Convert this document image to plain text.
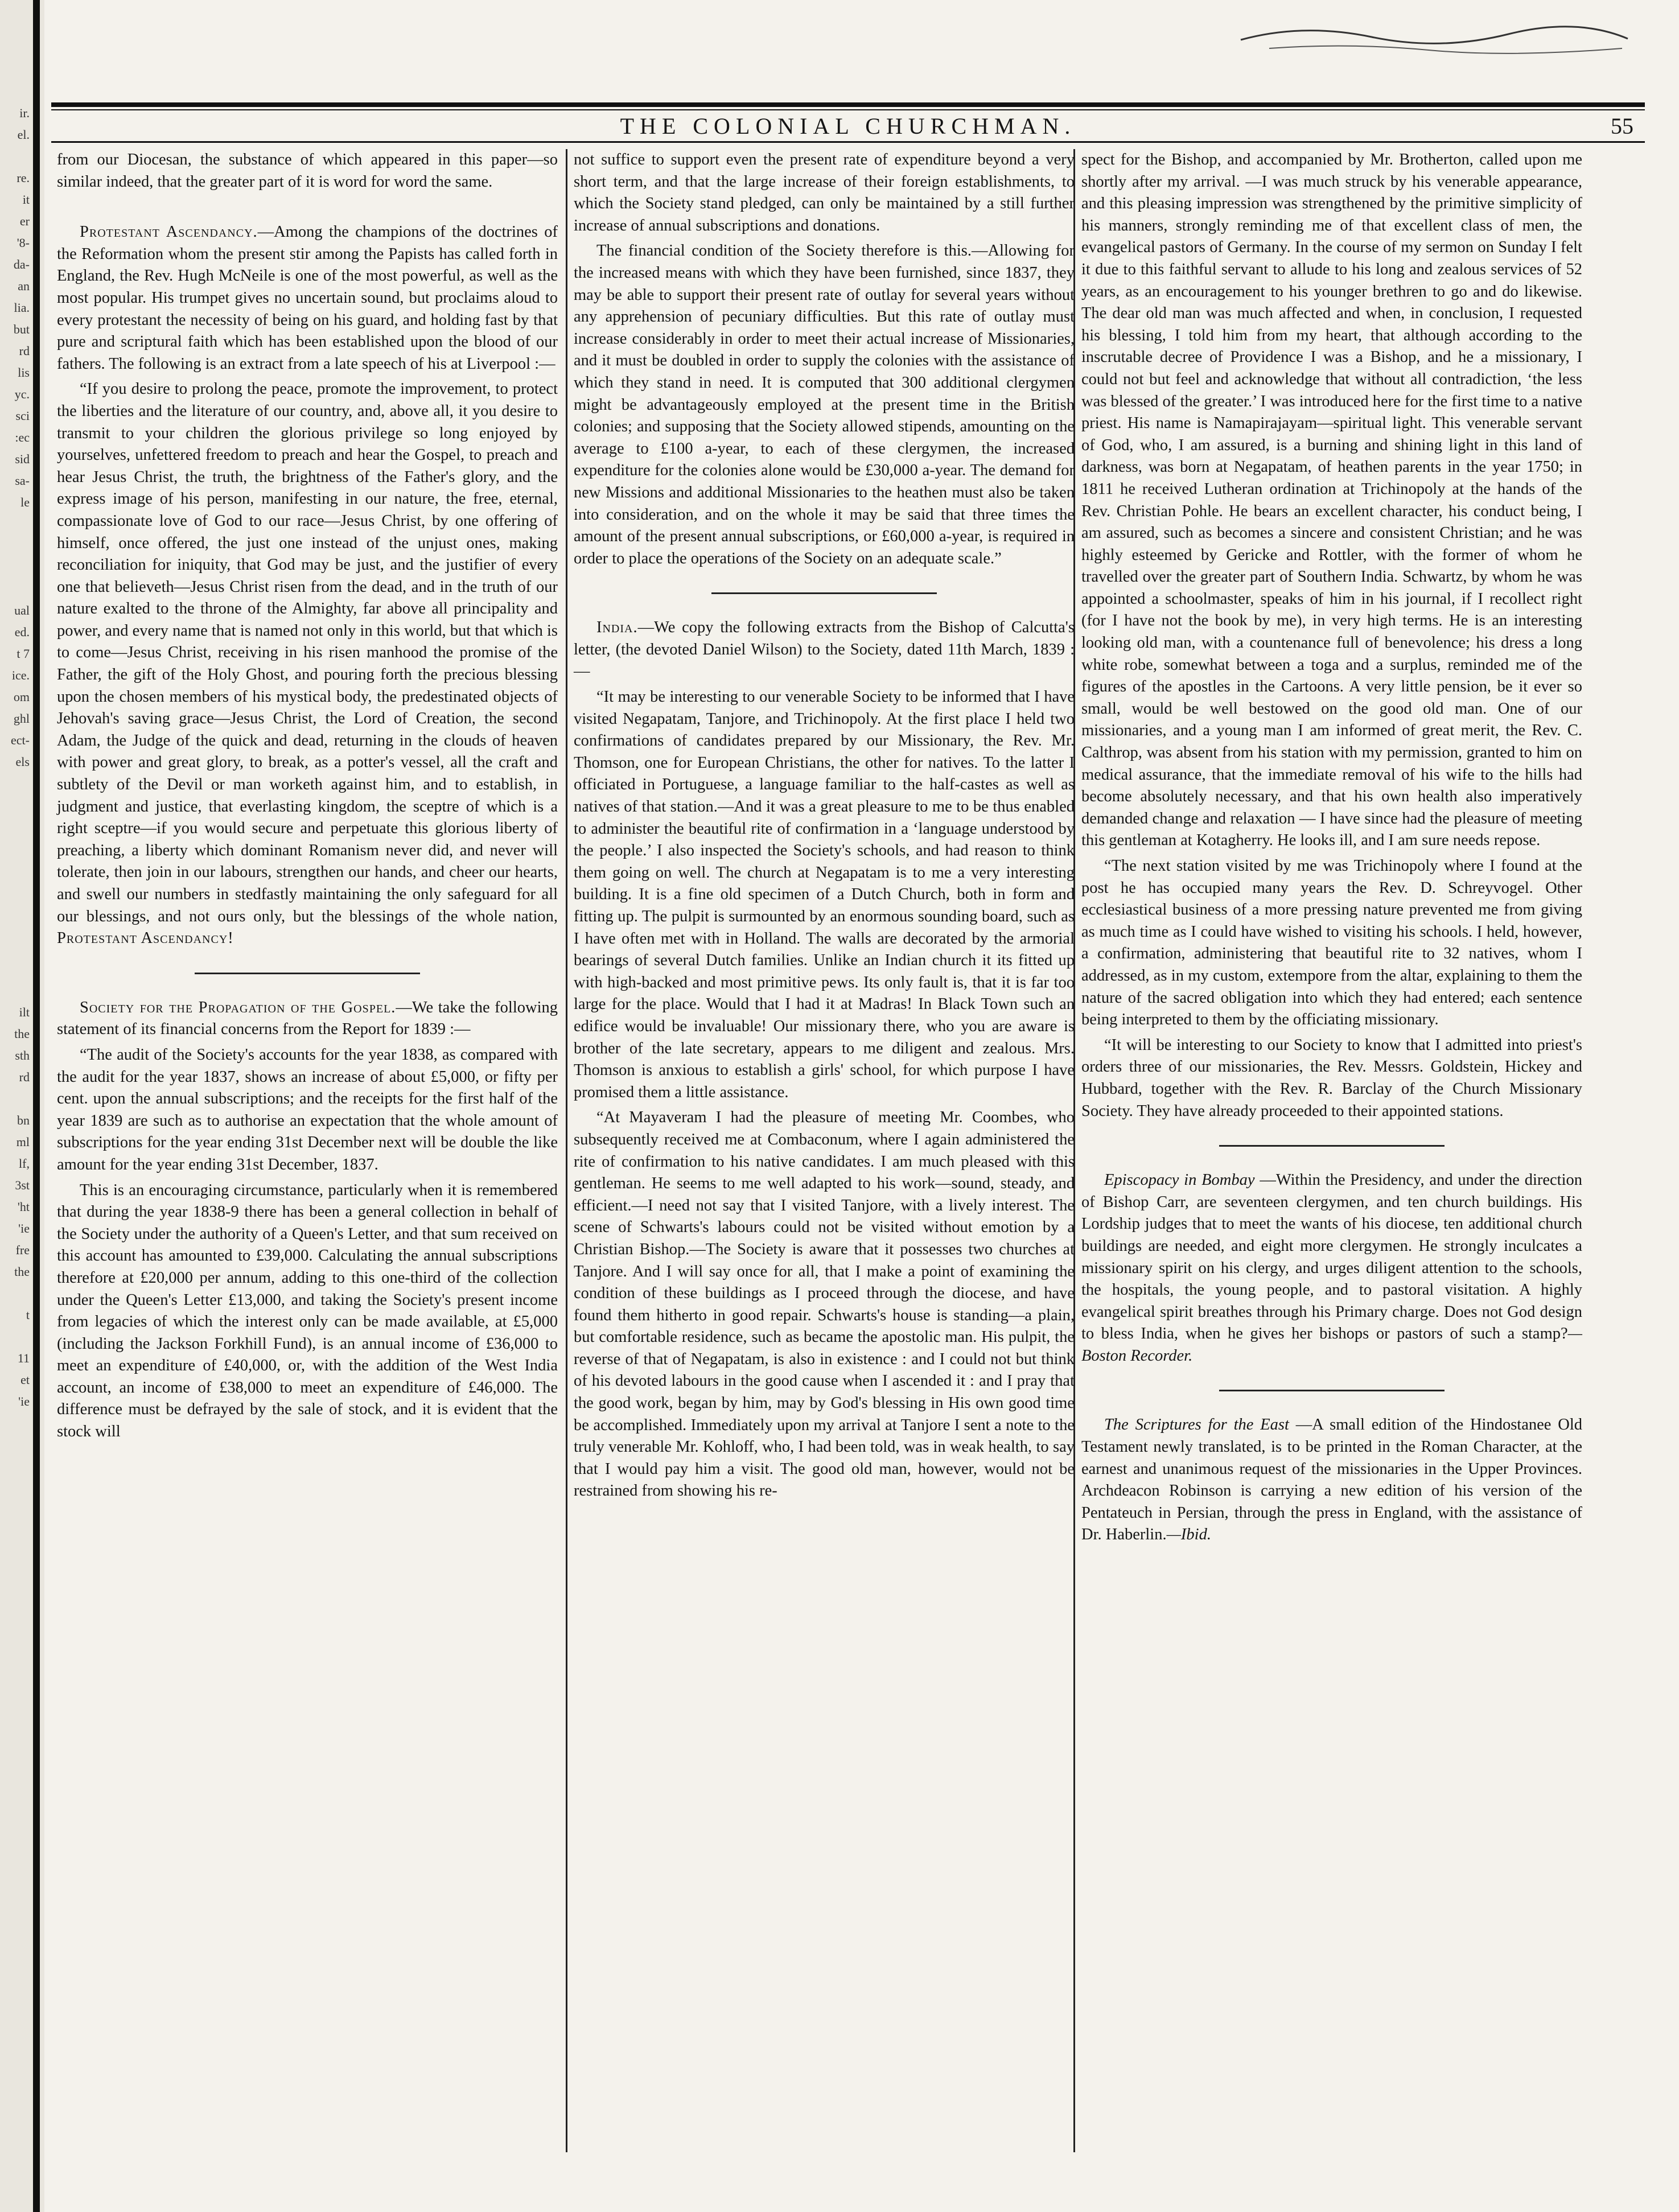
ir.
el.

re.
it
er
'8-
da-
an
lia.
but
rd
lis
yc.
sci
:ec
sid
sa-
le

ual
ed.
t 7
ice.
om
ghl
ect-
els
ilt
the
sth
rd

bn
ml
lf,
3st
'ht
'ie
fre
the

t

11
et
'ie
THE COLONIAL CHURCHMAN.	55

from our Diocesan, the substance of which appeared in this paper—so similar indeed, that the greater part of it is word for word the same.

Protestant Ascendancy.—Among the champions of the doctrines of the Reformation whom the present stir among the Papists has called forth in England, the Rev. Hugh McNeile is one of the most powerful, as well as the most popular. His trumpet gives no uncertain sound, but proclaims aloud to every protestant the necessity of being on his guard, and holding fast by that pure and scriptural faith which has been established upon the blood of our fathers. The following is an extract from a late speech of his at Liverpool :—

“If you desire to prolong the peace, promote the improvement, to protect the liberties and the literature of our country, and, above all, it you desire to transmit to your children the glorious privilege so long enjoyed by yourselves, unfettered freedom to preach and hear the Gospel, to preach and hear Jesus Christ, the truth, the brightness of the Father's glory, and the express image of his person, manifesting in our nature, the free, eternal, compassionate love of God to our race—Jesus Christ, by one offering of himself, once offered, the just one instead of the unjust ones, making reconciliation for iniquity, that God may be just, and the justifier of every one that believeth—Jesus Christ risen from the dead, and in the truth of our nature exalted to the throne of the Almighty, far above all principality and power, and every name that is named not only in this world, but that which is to come—Jesus Christ, receiving in his risen manhood the promise of the Father, the gift of the Holy Ghost, and pouring forth the precious blessing upon the chosen members of his mystical body, the predestinated objects of Jehovah's saving grace—Jesus Christ, the Lord of Creation, the second Adam, the Judge of the quick and dead, returning in the clouds of heaven with power and great glory, to break, as a potter's vessel, all the craft and subtlety of the Devil or man worketh against him, and to establish, in judgment and justice, that everlasting kingdom, the sceptre of which is a right sceptre—if you would secure and perpetuate this glorious liberty of preaching, a liberty which dominant Romanism never did, and never will tolerate, then join in our labours, strengthen our hands, and cheer our hearts, and swell our numbers in stedfastly maintaining the only safeguard for all our blessings, and not ours only, but the blessings of the whole nation, Protestant Ascendancy!

Society for the Propagation of the Gospel.—We take the following statement of its financial concerns from the Report for 1839 :—

“The audit of the Society's accounts for the year 1838, as compared with the audit for the year 1837, shows an increase of about £5,000, or fifty per cent. upon the annual subscriptions; and the receipts for the first half of the year 1839 are such as to authorise an expectation that the whole amount of subscriptions for the year ending 31st December next will be double the like amount for the year ending 31st December, 1837.

This is an encouraging circumstance, particularly when it is remembered that during the year 1838-9 there has been a general collection in behalf of the Society under the authority of a Queen's Letter, and that sum received on this account has amounted to £39,000. Calculating the annual subscriptions therefore at £20,000 per annum, adding to this one-third of the collection under the Queen's Letter £13,000, and taking the Society's present income from legacies of which the interest only can be made available, at £5,000 (including the Jackson Forkhill Fund), is an annual income of £36,000 to meet an expenditure of £40,000, or, with the addition of the West India account, an income of £38,000 to meet an expenditure of £46,000. The difference must be defrayed by the sale of stock, and it is evident that the stock will

not suffice to support even the present rate of expenditure beyond a very short term, and that the large increase of their foreign establishments, to which the Society stand pledged, can only be maintained by a still further increase of annual subscriptions and donations.

The financial condition of the Society therefore is this.—Allowing for the increased means with which they have been furnished, since 1837, they may be able to support their present rate of outlay for several years without any apprehension of pecuniary difficulties. But this rate of outlay must increase considerably in order to meet their actual increase of Missionaries, and it must be doubled in order to supply the colonies with the assistance of which they stand in need. It is computed that 300 additional clergymen might be advantageously employed at the present time in the British colonies; and supposing that the Society allowed stipends, amounting on the average to £100 a-year, to each of these clergymen, the increased expenditure for the colonies alone would be £30,000 a-year. The demand for new Missions and additional Missionaries to the heathen must also be taken into consideration, and on the whole it may be said that three times the amount of the present annual subscriptions, or £60,000 a-year, is required in order to place the operations of the Society on an adequate scale.”

India.—We copy the following extracts from the Bishop of Calcutta's letter, (the devoted Daniel Wilson) to the Society, dated 11th March, 1839 :—

“It may be interesting to our venerable Society to be informed that I have visited Negapatam, Tanjore, and Trichinopoly. At the first place I held two confirmations of candidates prepared by our Missionary, the Rev. Mr. Thomson, one for European Christians, the other for natives. To the latter I officiated in Portuguese, a language familiar to the half-castes as well as natives of that station.—And it was a great pleasure to me to be thus enabled to administer the beautiful rite of confirmation in a ‘language understood by the people.’ I also inspected the Society's schools, and had reason to think them going on well. The church at Negapatam is to me a very interesting building. It is a fine old specimen of a Dutch Church, both in form and fitting up. The pulpit is surmounted by an enormous sounding board, such as I have often met with in Holland. The walls are decorated by the armorial bearings of several Dutch families. Unlike an Indian church it its fitted up with high-backed and most primitive pews. Its only fault is, that it is far too large for the place. Would that I had it at Madras! In Black Town such an edifice would be invaluable! Our missionary there, who you are aware is brother of the late secretary, appears to me diligent and zealous. Mrs. Thomson is anxious to establish a girls' school, for which purpose I have promised them a little assistance.

“At Mayaveram I had the pleasure of meeting Mr. Coombes, who subsequently received me at Combaconum, where I again administered the rite of confirmation to his native candidates. I am much pleased with this gentleman. He seems to me well adapted to his work—sound, steady, and efficient.—I need not say that I visited Tanjore, with a lively interest. The scene of Schwarts's labours could not be visited without emotion by a Christian Bishop.—The Society is aware that it possesses two churches at Tanjore. And I will say once for all, that I make a point of examining the condition of these buildings as I proceed through the diocese, and have found them hitherto in good repair. Schwarts's house is standing—a plain, but comfortable residence, such as became the apostolic man. His pulpit, the reverse of that of Negapatam, is also in existence : and I could not but think of his devoted labours in the good cause when I ascended it : and I pray that the good work, began by him, may by God's blessing in His own good time be accomplished. Immediately upon my arrival at Tanjore I sent a note to the truly venerable Mr. Kohloff, who, I had been told, was in weak health, to say that I would pay him a visit. The good old man, however, would not be restrained from showing his re-

spect for the Bishop, and accompanied by Mr. Brotherton, called upon me shortly after my arrival. —I was much struck by his venerable appearance, and this pleasing impression was strengthened by the primitive simplicity of his manners, strongly reminding me of that excellent class of men, the evangelical pastors of Germany. In the course of my sermon on Sunday I felt it due to this faithful servant to allude to his long and zealous services of 52 years, as an encouragement to his younger brethren to go and do likewise. The dear old man was much affected and when, in conclusion, I requested his blessing, I told him from my heart, that although according to the inscrutable decree of Providence I was a Bishop, and he a missionary, I could not but feel and acknowledge that without all contradiction, ‘the less was blessed of the greater.’ I was introduced here for the first time to a native priest. His name is Namapirajayam—spiritual light. This venerable servant of God, who, I am assured, is a burning and shining light in this land of darkness, was born at Negapatam, of heathen parents in the year 1750; in 1811 he received Lutheran ordination at Trichinopoly at the hands of the Rev. Christian Pohle. He bears an excellent character, his conduct being, I am assured, such as becomes a sincere and consistent Christian; and he was highly esteemed by Gericke and Rottler, with the former of whom he travelled over the greater part of Southern India. Schwartz, by whom he was appointed a schoolmaster, speaks of him in his journal, if I recollect right (for I have not the book by me), in very high terms. He is an interesting looking old man, with a countenance full of benevolence; his dress a long white robe, somewhat between a toga and a surplus, reminded me of the figures of the apostles in the Cartoons. A very little pension, be it ever so small, would be well bestowed on the good old man. One of our missionaries, and a young man I am informed of great merit, the Rev. C. Calthrop, was absent from his station with my permission, granted to him on medical assurance, that the immediate removal of his wife to the hills had become absolutely necessary, and that his own health also imperatively demanded change and relaxation — I have since had the pleasure of meeting this gentleman at Kotagherry. He looks ill, and I am sure needs repose.

“The next station visited by me was Trichinopoly where I found at the post he has occupied many years the Rev. D. Schreyvogel. Other ecclesiastical business of a more pressing nature prevented me from giving as much time as I could have wished to visiting his schools. I held, however, a confirmation, administering that beautiful rite to 32 natives, whom I addressed, as in my custom, extempore from the altar, explaining to them the nature of the sacred obligation into which they had entered; each sentence being interpreted to them by the officiating missionary.

“It will be interesting to our Society to know that I admitted into priest's orders three of our missionaries, the Rev. Messrs. Goldstein, Hickey and Hubbard, together with the Rev. R. Barclay of the Church Missionary Society. They have already proceeded to their appointed stations.

Episcopacy in Bombay —Within the Presidency, and under the direction of Bishop Carr, are seventeen clergymen, and ten church buildings. His Lordship judges that to meet the wants of his diocese, ten additional church buildings are needed, and eight more clergymen. He strongly inculcates a missionary spirit on his clergy, and urges diligent attention to the schools, the hospitals, the young people, and to pastoral visitation. A highly evangelical spirit breathes through his Primary charge. Does not God design to bless India, when he gives her bishops or pastors of such a stamp?—Boston Recorder.

The Scriptures for the East —A small edition of the Hindostanee Old Testament newly translated, is to be printed in the Roman Character, at the earnest and unanimous request of the missionaries in the Upper Provinces. Archdeacon Robinson is carrying a new edition of his version of the Pentateuch in Persian, through the press in England, with the assistance of Dr. Haberlin.—Ibid.
